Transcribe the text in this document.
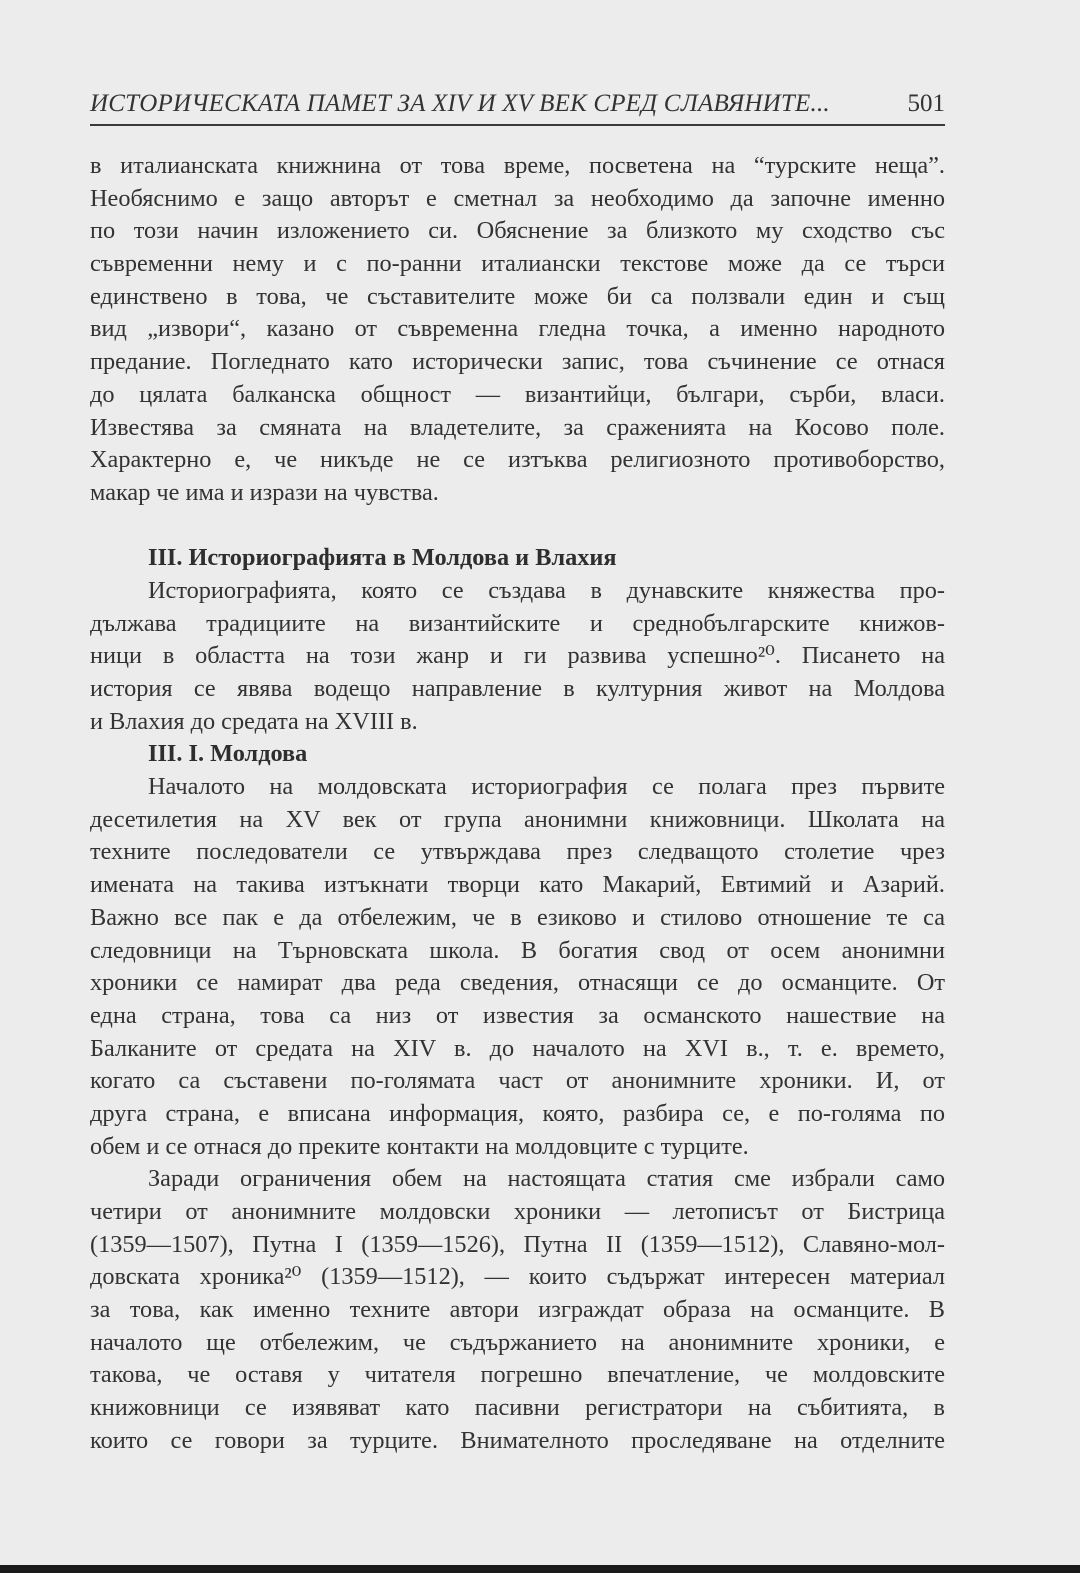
ИСТОРИЧЕСКАТА ПАМЕТ ЗА XIV И XV ВЕК СРЕД СЛАВЯНИТЕ...	501
в италианската книжнина от това време, посветена на “турските неща”.
Необяснимо е защо авторът е сметнал за необходимо да започне именно
по този начин изложението си. Обяснение за близкото му сходство със
съвременни нему и с по-ранни италиански текстове може да се търси
единствено в това, че съставителите може би са ползвали един и същ
вид „извори“, казано от съвременна гледна точка, а именно народното
предание. Погледнато като исторически запис, това съчинение се отнася
до цялата балканска общност — византийци, българи, сърби, власи.
Известява за смяната на владетелите, за сраженията на Косово поле.
Характерно е, че никъде не се изтъква религиозното противоборство,
макар че има и изрази на чувства.
III. Историографията в Молдова и Влахия
Историографията, която се създава в дунавските княжества про-
дължава традициите на византийските и среднобългарските книжов-
ници в областта на този жанр и ги развива успешно²⁰. Писането на
история се явява водещо направление в културния живот на Молдова
и Влахия до средата на XVIII в.
III. I. Молдова
Началото на молдовската историография се полага през първите
десетилетия на XV век от група анонимни книжовници. Школата на
техните последователи се утвърждава през следващото столетие чрез
имената на такива изтъкнати творци като Макарий, Евтимий и Азарий.
Важно все пак е да отбележим, че в езиково и стилово отношение те са
следовници на Търновската школа. В богатия свод от осем анонимни
хроники се намират два реда сведения, отнасящи се до османците. От
една страна, това са низ от известия за османското нашествие на
Балканите от средата на XIV в. до началото на XVI в., т. е. времето,
когато са съставени по-голямата част от анонимните хроники. И, от
друга страна, е вписана информация, която, разбира се, е по-голяма по
обем и се отнася до преките контакти на молдовците с турците.
Заради ограничения обем на настоящата статия сме избрали само
четири от анонимните молдовски хроники — летописът от Бистрица
(1359—1507), Путна I (1359—1526), Путна II (1359—1512), Славяно-мол-
довската хроника²⁰ (1359—1512), — които съдържат интересен материал
за това, как именно техните автори изграждат образа на османците. В
началото ще отбележим, че съдържанието на анонимните хроники, е
такова, че оставя у читателя погрешно впечатление, че молдовските
книжовници се изявяват като пасивни регистратори на събитията, в
които се говори за турците. Внимателното проследяване на отделните
